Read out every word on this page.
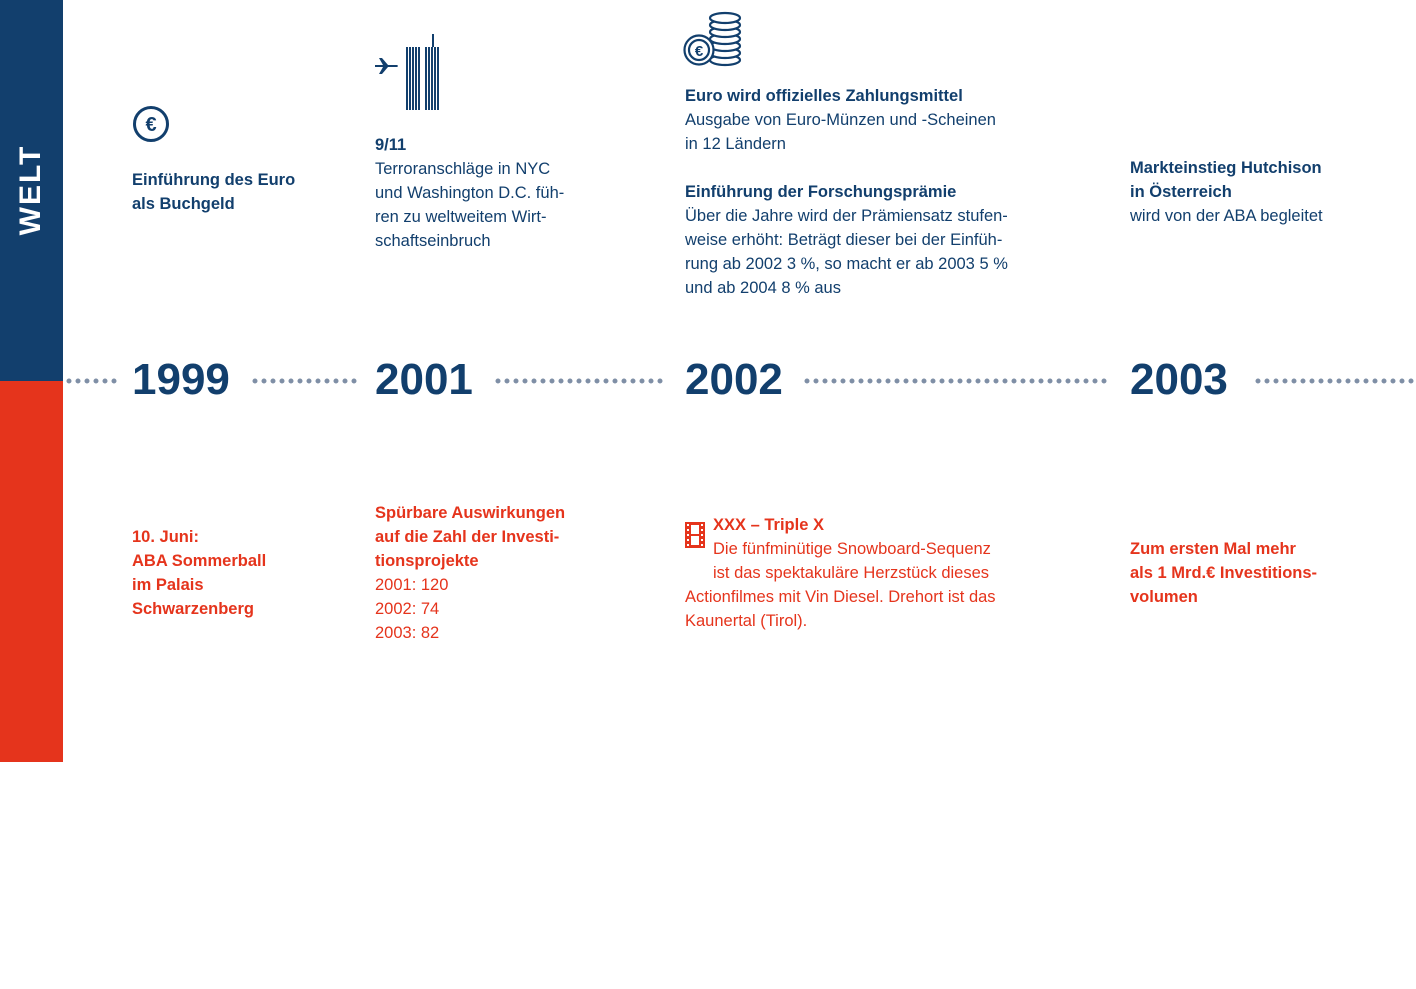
WELT
ABA
1999	2001	2002	2003
€
Einführung des Euro
als Buchgeld
9/11
Terroranschläge in NYC
und Washington D.C. füh-
ren zu weltweitem Wirt-
schaftseinbruch
€
Euro wird offizielles Zahlungsmittel
Ausgabe von Euro-Münzen und -Scheinen
in 12 Ländern
Einführung der Forschungsprämie
Über die Jahre wird der Prämiensatz stufen-
weise erhöht: Beträgt dieser bei der Einfüh-
rung ab 2002 3 %, so macht er ab 2003 5 %
und ab 2004 8 % aus
Markteinstieg Hutchison
in Österreich
wird von der ABA begleitet
10. Juni:
ABA Sommerball
im Palais
Schwarzenberg
Spürbare Auswirkungen
auf die Zahl der Investi-
tionsprojekte
2001: 120
2002: 74
2003: 82
XXX – Triple X
Die fünfminütige Snowboard-Sequenz
ist das spektakuläre Herzstück dieses
Actionfilmes mit Vin Diesel. Drehort ist das
Kaunertal (Tirol).
Zum ersten Mal mehr
als 1 Mrd.€ Investitions-
volumen
